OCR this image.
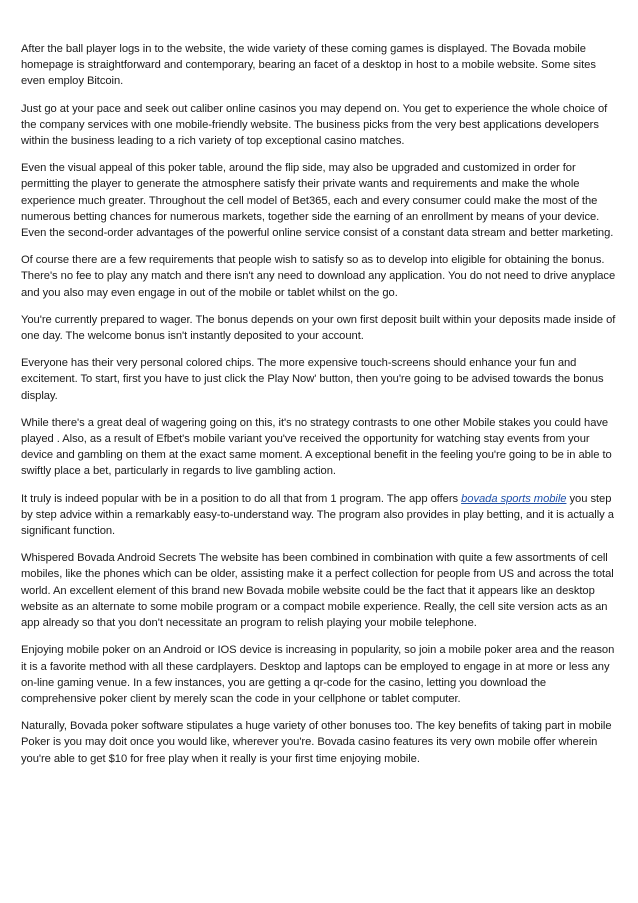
After the ball player logs in to the website, the wide variety of these coming games is displayed. The Bovada mobile homepage is straightforward and contemporary, bearing an facet of a desktop in host to a mobile website. Some sites even employ Bitcoin.

Just go at your pace and seek out caliber online casinos you may depend on. You get to experience the whole choice of the company services with one mobile-friendly website. The business picks from the very best applications developers within the business leading to a rich variety of top exceptional casino matches.

Even the visual appeal of this poker table, around the flip side, may also be upgraded and customized in order for permitting the player to generate the atmosphere satisfy their private wants and requirements and make the whole experience much greater. Throughout the cell model of Bet365, each and every consumer could make the most of the numerous betting chances for numerous markets, together side the earning of an enrollment by means of your device. Even the second-order advantages of the powerful online service consist of a constant data stream and better marketing.

Of course there are a few requirements that people wish to satisfy so as to develop into eligible for obtaining the bonus. There's no fee to play any match and there isn't any need to download any application. You do not need to drive anyplace and you also may even engage in out of the mobile or tablet whilst on the go.

You're currently prepared to wager. The bonus depends on your own first deposit built within your deposits made inside of one day. The welcome bonus isn't instantly deposited to your account.

Everyone has their very personal colored chips. The more expensive touch-screens should enhance your fun and excitement. To start, first you have to just click the Play Now' button, then you're going to be advised towards the bonus display.

While there's a great deal of wagering going on this, it's no strategy contrasts to one other Mobile stakes you could have played . Also, as a result of Efbet's mobile variant you've received the opportunity for watching stay events from your device and gambling on them at the exact same moment. A exceptional benefit in the feeling you're going to be in able to swiftly place a bet, particularly in regards to live gambling action.

It truly is indeed popular with be in a position to do all that from 1 program. The app offers bovada sports mobile you step by step advice within a remarkably easy-to-understand way. The program also provides in play betting, and it is actually a significant function.

Whispered Bovada Android Secrets The website has been combined in combination with quite a few assortments of cell mobiles, like the phones which can be older, assisting make it a perfect collection for people from US and across the total world. An excellent element of this brand new Bovada mobile website could be the fact that it appears like an desktop website as an alternate to some mobile program or a compact mobile experience. Really, the cell site version acts as an app already so that you don't necessitate an program to relish playing your mobile telephone.

Enjoying mobile poker on an Android or IOS device is increasing in popularity, so join a mobile poker area and the reason it is a favorite method with all these cardplayers. Desktop and laptops can be employed to engage in at more or less any on-line gaming venue. In a few instances, you are getting a qr-code for the casino, letting you download the comprehensive poker client by merely scan the code in your cellphone or tablet computer.

Naturally, Bovada poker software stipulates a huge variety of other bonuses too. The key benefits of taking part in mobile Poker is you may doit once you would like, wherever you're. Bovada casino features its very own mobile offer wherein you're able to get $10 for free play when it really is your first time enjoying mobile.
